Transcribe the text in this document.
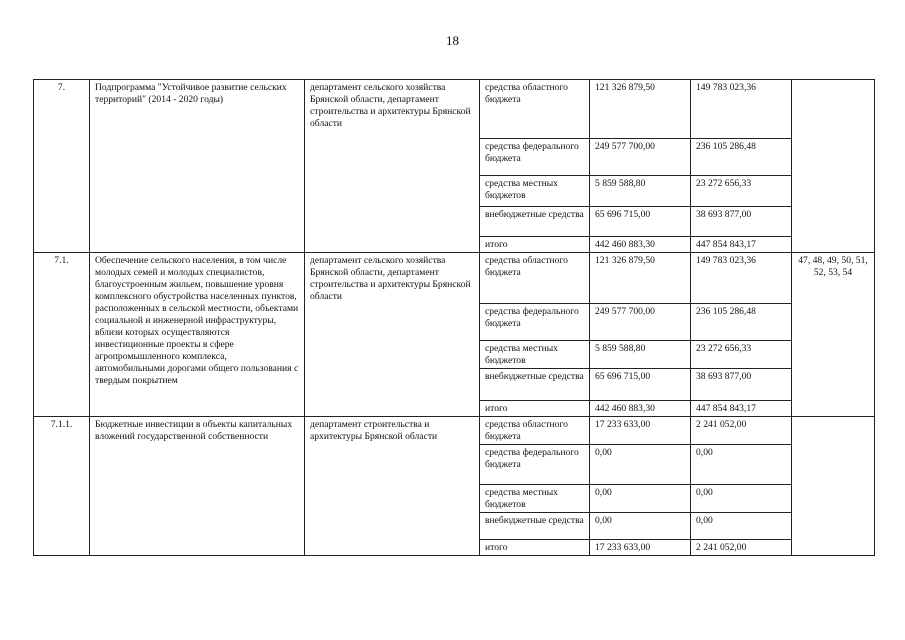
18
7.	Подпрограмма "Устойчивое развитие сельских территорий" (2014 - 2020 годы)	департамент сельского хозяйства Брянской области, департамент строительства и архитектуры Брянской области	средства областного бюджета	121 326 879,50	149 783 023,36	
			средства федерального бюджета	249 577 700,00	236 105 286,48	
			средства местных бюджетов	5 859 588,80	23 272 656,33	
			внебюджетные средства	65 696 715,00	38 693 877,00	
			итого	442 460 883,30	447 854 843,17	
7.1.	Обеспечение сельского населения, в том числе молодых семей и молодых специалистов, благоустроенным жильем, повышение уровня комплексного обустройства населенных пунктов, расположенных в сельской местности, объектами социальной и инженерной инфраструктуры, вблизи которых осуществляются инвестиционные проекты в сфере агропромышленного комплекса, автомобильными дорогами общего пользования с твердым покрытием	департамент сельского хозяйства Брянской области, департамент строительства и архитектуры Брянской области	средства областного бюджета	121 326 879,50	149 783 023,36	47, 48, 49, 50, 51, 52, 53, 54
			средства федерального бюджета	249 577 700,00	236 105 286,48	
			средства местных бюджетов	5 859 588,80	23 272 656,33	
			внебюджетные средства	65 696 715,00	38 693 877,00	
			итого	442 460 883,30	447 854 843,17	
7.1.1.	Бюджетные инвестиции в объекты капитальных вложений государственной собственности	департамент строительства и архитектуры Брянской области	средства областного бюджета	17 233 633,00	2 241 052,00	
			средства федерального бюджета	0,00	0,00	
			средства местных бюджетов	0,00	0,00	
			внебюджетные средства	0,00	0,00	
			итого	17 233 633,00	2 241 052,00	
